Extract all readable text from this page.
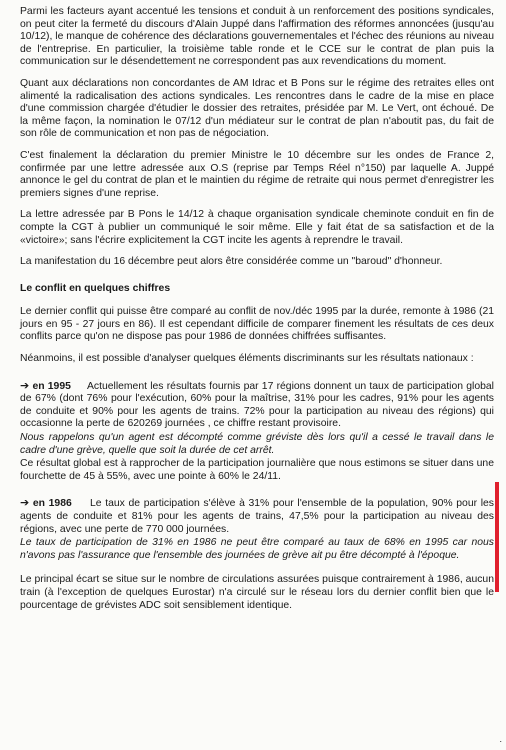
Parmi les facteurs ayant accentué les tensions et conduit à un renforcement des positions syndicales, on peut citer la fermeté du discours d'Alain Juppé dans l'affirmation des réformes annoncées (jusqu'au 10/12), le manque de cohérence des déclarations gouvernementales et l'échec des réunions au niveau de l'entreprise. En particulier, la troisième table ronde et le CCE sur le contrat de plan puis la communication sur le désendettement ne correspondent pas aux revendications du moment.

Quant aux déclarations non concordantes de AM Idrac et B Pons sur le régime des retraites elles ont alimenté la radicalisation des actions syndicales. Les rencontres dans le cadre de la mise en place d'une commission chargée d'étudier le dossier des retraites, présidée par M. Le Vert, ont échoué. De la même façon, la nomination le 07/12 d'un médiateur sur le contrat de plan n'aboutit pas, du fait de son rôle de communication et non pas de négociation.

C'est finalement la déclaration du premier Ministre le 10 décembre sur les ondes de France 2, confirmée par une lettre adressée aux O.S (reprise par Temps Réel n°150) par laquelle A. Juppé annonce le gel du contrat de plan et le maintien du régime de retraite qui nous permet d'enregistrer les premiers signes d'une reprise.

La lettre adressée par B Pons le 14/12 à chaque organisation syndicale cheminote conduit en fin de compte la CGT à publier un communiqué le soir même. Elle y fait état de sa satisfaction et de la «victoire»; sans l'écrire explicitement la CGT incite les agents à reprendre le travail.

La manifestation du 16 décembre peut alors être considérée comme un "baroud" d'honneur.

Le conflit en quelques chiffres

Le dernier conflit qui puisse être comparé au conflit de nov./déc 1995 par la durée, remonte à 1986 (21 jours en 95 - 27 jours en 86). Il est cependant difficile de comparer finement les résultats de ces deux conflits parce qu'on ne dispose pas pour 1986 de données chiffrées suffisantes.

Néanmoins, il est possible d'analyser quelques éléments discriminants sur les résultats nationaux :

➔ en 1995 Actuellement les résultats fournis par 17 régions donnent un taux de participation global de 67% (dont 76% pour l'exécution, 60% pour la maîtrise, 31% pour les cadres, 91% pour les agents de conduite et 90% pour les agents de trains. 72% pour la participation au niveau des régions) qui occasionne la perte de 620269 journées , ce chiffre restant provisoire.

Nous rappelons qu'un agent est décompté comme gréviste dès lors qu'il a cessé le travail dans le cadre d'une grève, quelle que soit la durée de cet arrêt.

Ce résultat global est à rapprocher de la participation journalière que nous estimons se situer dans une fourchette de 45 à 55%, avec une pointe à 60% le 24/11.

➔ en 1986 Le taux de participation s'élève à 31% pour l'ensemble de la population, 90% pour les agents de conduite et 81% pour les agents de trains, 47,5% pour la participation au niveau des régions, avec une perte de 770 000 journées.

Le taux de participation de 31% en 1986 ne peut être comparé au taux de 68% en 1995 car nous n'avons pas l'assurance que l'ensemble des journées de grève ait pu être décompté à l'époque.

Le principal écart se situe sur le nombre de circulations assurées puisque contrairement à 1986, aucun train (à l'exception de quelques Eurostar) n'a circulé sur le réseau lors du dernier conflit bien que le pourcentage de grévistes ADC soit sensiblement identique.

.
